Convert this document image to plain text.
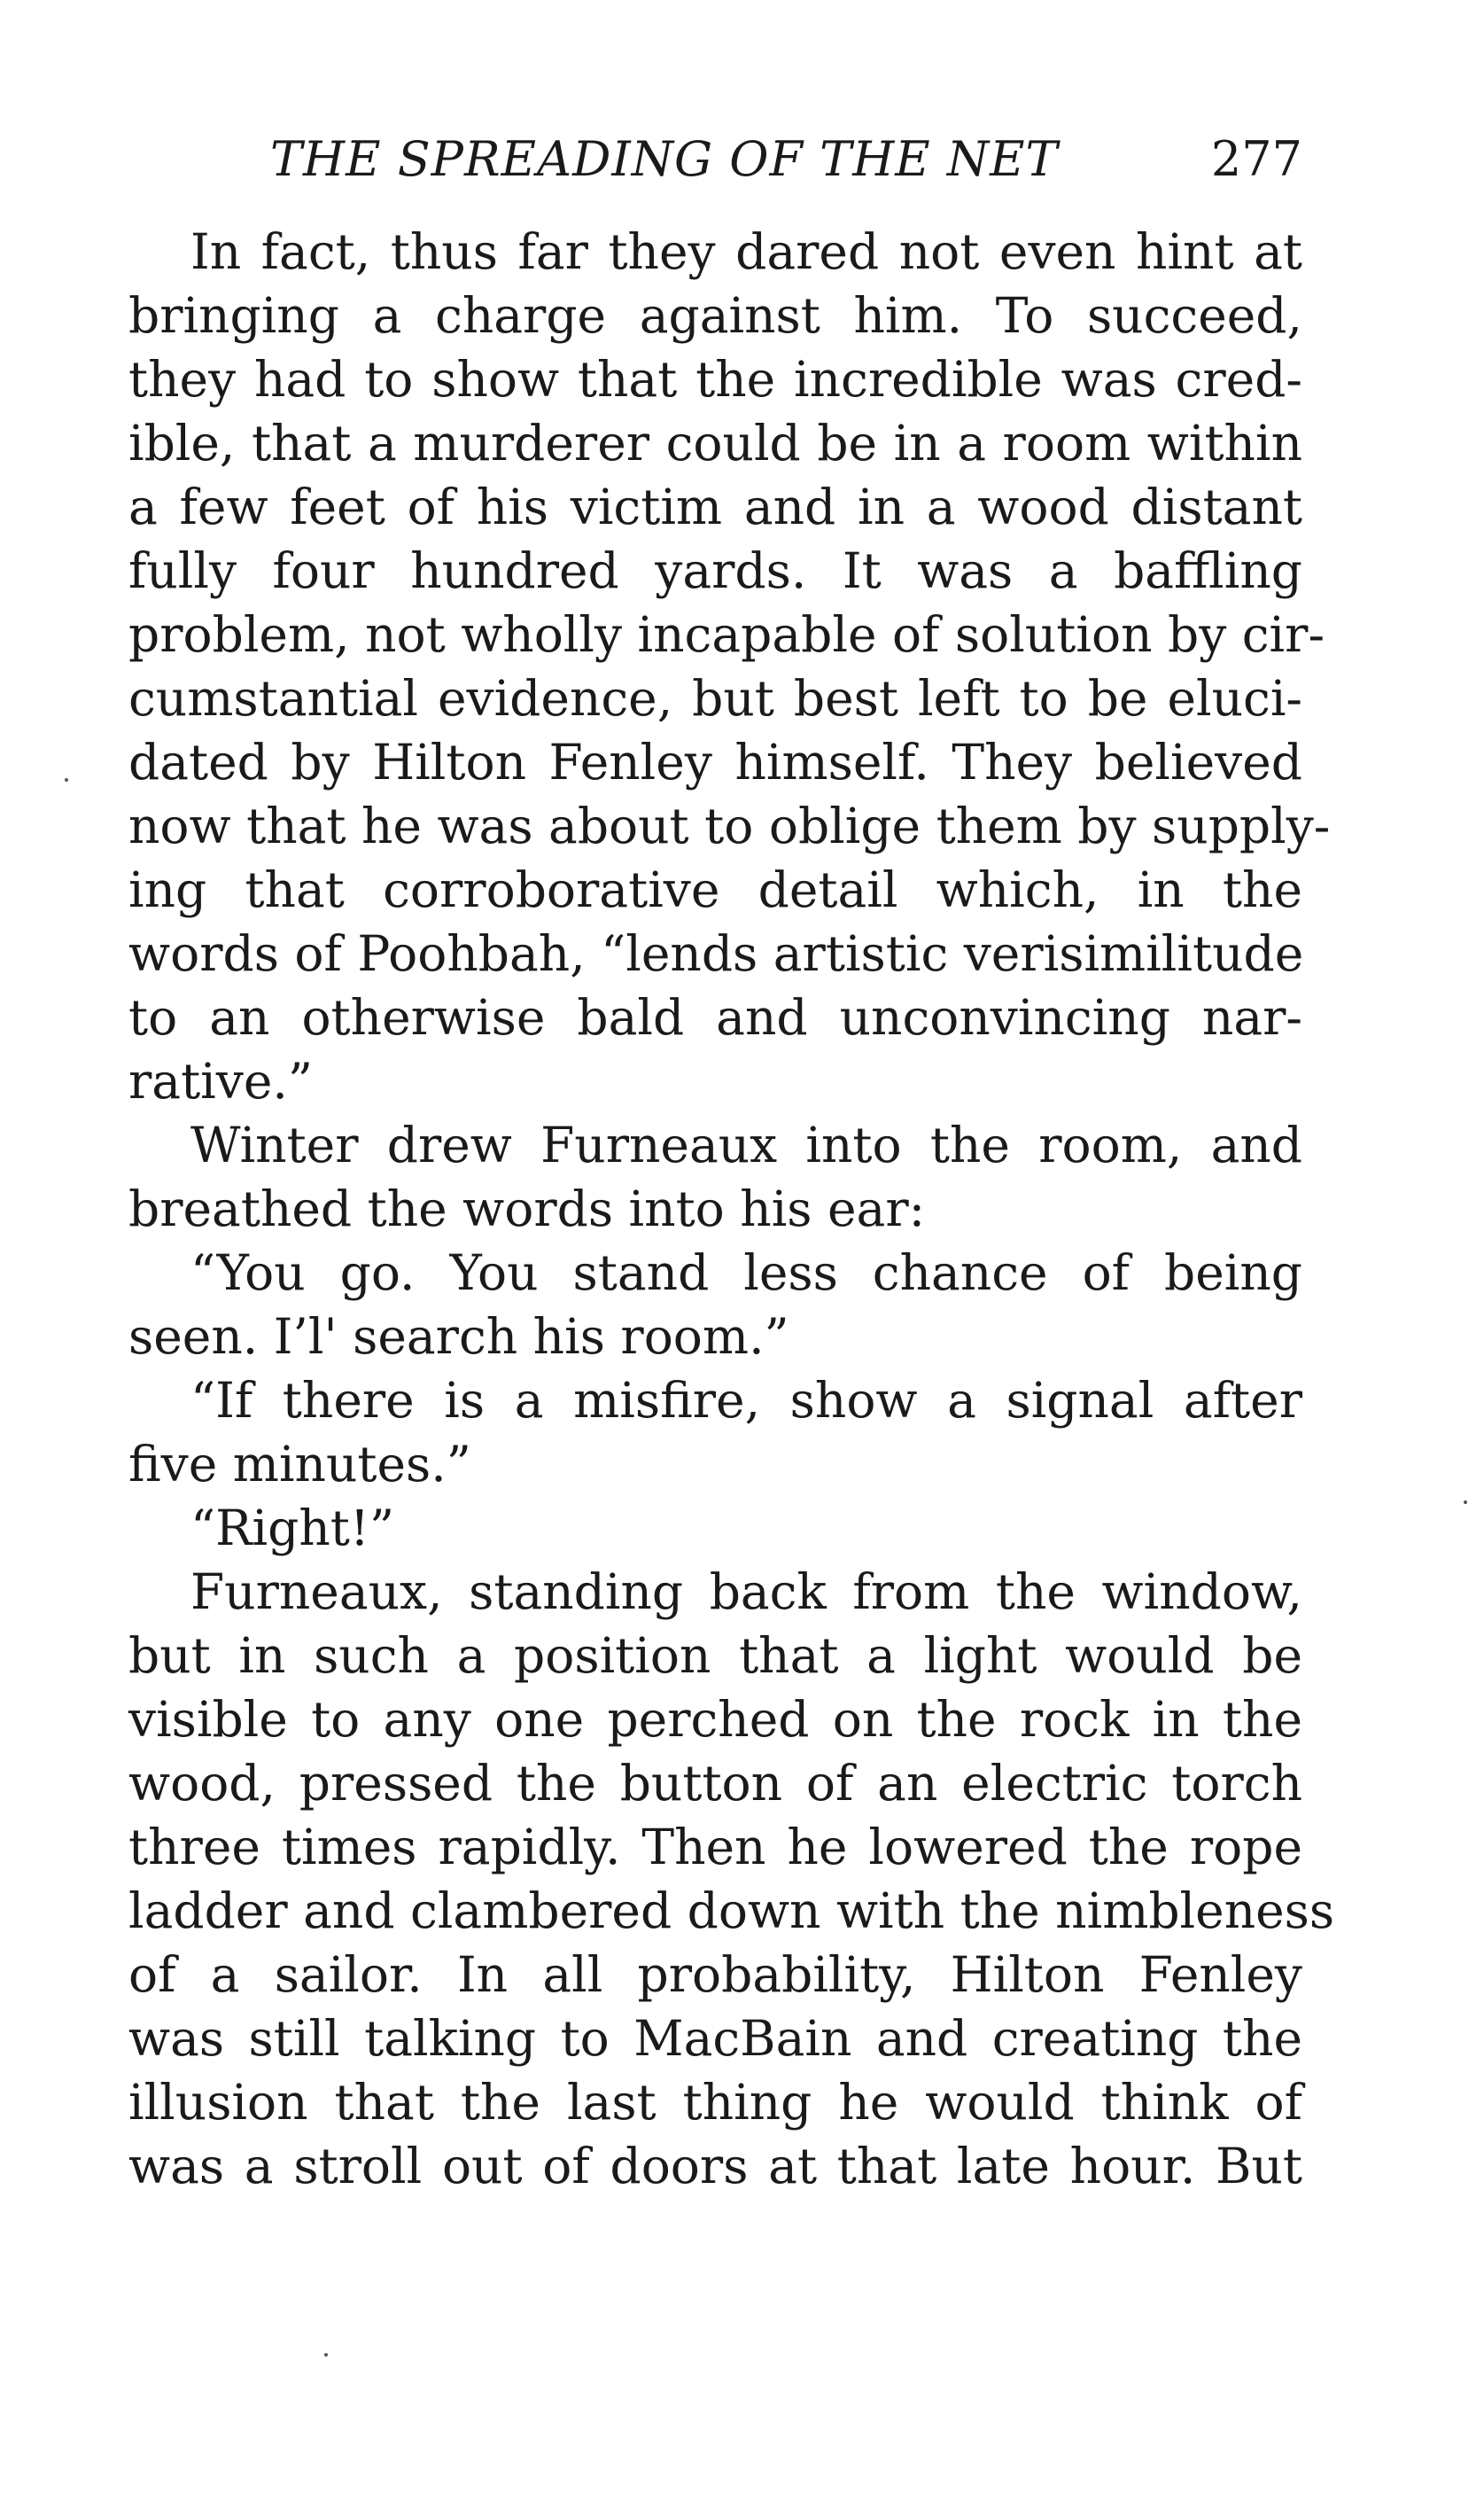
THE SPREADING OF THE NET	277
In fact, thus far they dared not even hint at
bringing a charge against him. To succeed,
they had to show that the incredible was cred-
ible, that a murderer could be in a room within
a few feet of his victim and in a wood distant
fully four hundred yards. It was a baffling
problem, not wholly incapable of solution by cir-
cumstantial evidence, but best left to be eluci-
dated by Hilton Fenley himself. They believed
now that he was about to oblige them by supply-
ing that corroborative detail which, in the
words of Poohbah, “lends artistic verisimilitude
to an otherwise bald and unconvincing nar-
rative.”
Winter drew Furneaux into the room, and
breathed the words into his ear:
“You go. You stand less chance of being
seen. I’l' search his room.”
“If there is a misfire, show a signal after
five minutes.”
“Right!”
Furneaux, standing back from the window,
but in such a position that a light would be
visible to any one perched on the rock in the
wood, pressed the button of an electric torch
three times rapidly. Then he lowered the rope
ladder and clambered down with the nimbleness
of a sailor. In all probability, Hilton Fenley
was still talking to MacBain and creating the
illusion that the last thing he would think of
was a stroll out of doors at that late hour. But
